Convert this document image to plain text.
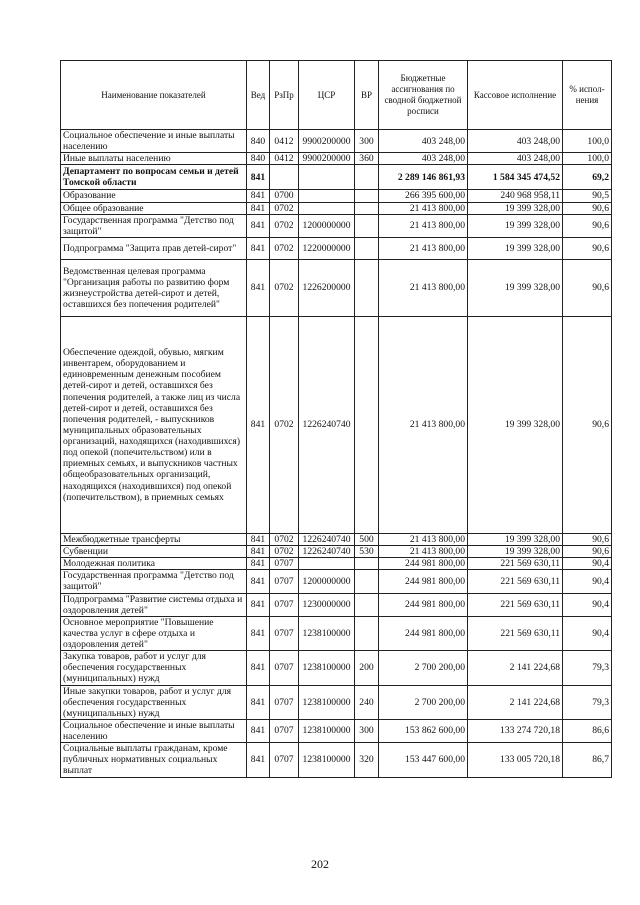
Наименование показателей	Вед	РзПр	ЦСР	ВР	Бюджетные ассигнования по сводной бюджетной росписи	Кассовое исполнение	% испол- нения
Социальное обеспечение и иные выплаты населению	840	0412	9900200000	300	403 248,00	403 248,00	100,0
Иные выплаты населению	840	0412	9900200000	360	403 248,00	403 248,00	100,0
Департамент по вопросам семьи и детей Томской области	841				2 289 146 861,93	1 584 345 474,52	69,2
Образование	841	0700			266 395 600,00	240 968 958,11	90,5
Общее образование	841	0702			21 413 800,00	19 399 328,00	90,6
Государственная программа "Детство под защитой"	841	0702	1200000000		21 413 800,00	19 399 328,00	90,6
Подпрограмма "Защита прав детей-сирот"	841	0702	1220000000		21 413 800,00	19 399 328,00	90,6
Ведомственная целевая программа "Организация работы по развитию форм жизнеустройства детей-сирот и детей, оставшихся без попечения родителей"	841	0702	1226200000		21 413 800,00	19 399 328,00	90,6
Обеспечение одеждой, обувью, мягким инвентарем, оборудованием и единовременным денежным пособием детей-сирот и детей, оставшихся без попечения родителей, а также лиц из числа детей-сирот и детей, оставшихся без попечения родителей, - выпускников муниципальных образовательных организаций, находящихся (находившихся) под опекой (попечительством) или в приемных семьях, и выпускников частных общеобразовательных организаций, находящихся (находившихся) под опекой (попечительством), в приемных семьях	841	0702	1226240740		21 413 800,00	19 399 328,00	90,6
Межбюджетные трансферты	841	0702	1226240740	500	21 413 800,00	19 399 328,00	90,6
Субвенции	841	0702	1226240740	530	21 413 800,00	19 399 328,00	90,6
Молодежная политика	841	0707			244 981 800,00	221 569 630,11	90,4
Государственная программа "Детство под защитой"	841	0707	1200000000		244 981 800,00	221 569 630,11	90,4
Подпрограмма "Развитие системы отдыха и оздоровления детей"	841	0707	1230000000		244 981 800,00	221 569 630,11	90,4
Основное мероприятие "Повышение качества услуг в сфере отдыха и оздоровления детей"	841	0707	1238100000		244 981 800,00	221 569 630,11	90,4
Закупка товаров, работ и услуг для обеспечения государственных (муниципальных) нужд	841	0707	1238100000	200	2 700 200,00	2 141 224,68	79,3
Иные закупки товаров, работ и услуг для обеспечения государственных (муниципальных) нужд	841	0707	1238100000	240	2 700 200,00	2 141 224,68	79,3
Социальное обеспечение и иные выплаты населению	841	0707	1238100000	300	153 862 600,00	133 274 720,18	86,6
Социальные выплаты гражданам, кроме публичных нормативных социальных выплат	841	0707	1238100000	320	153 447 600,00	133 005 720,18	86,7
202
